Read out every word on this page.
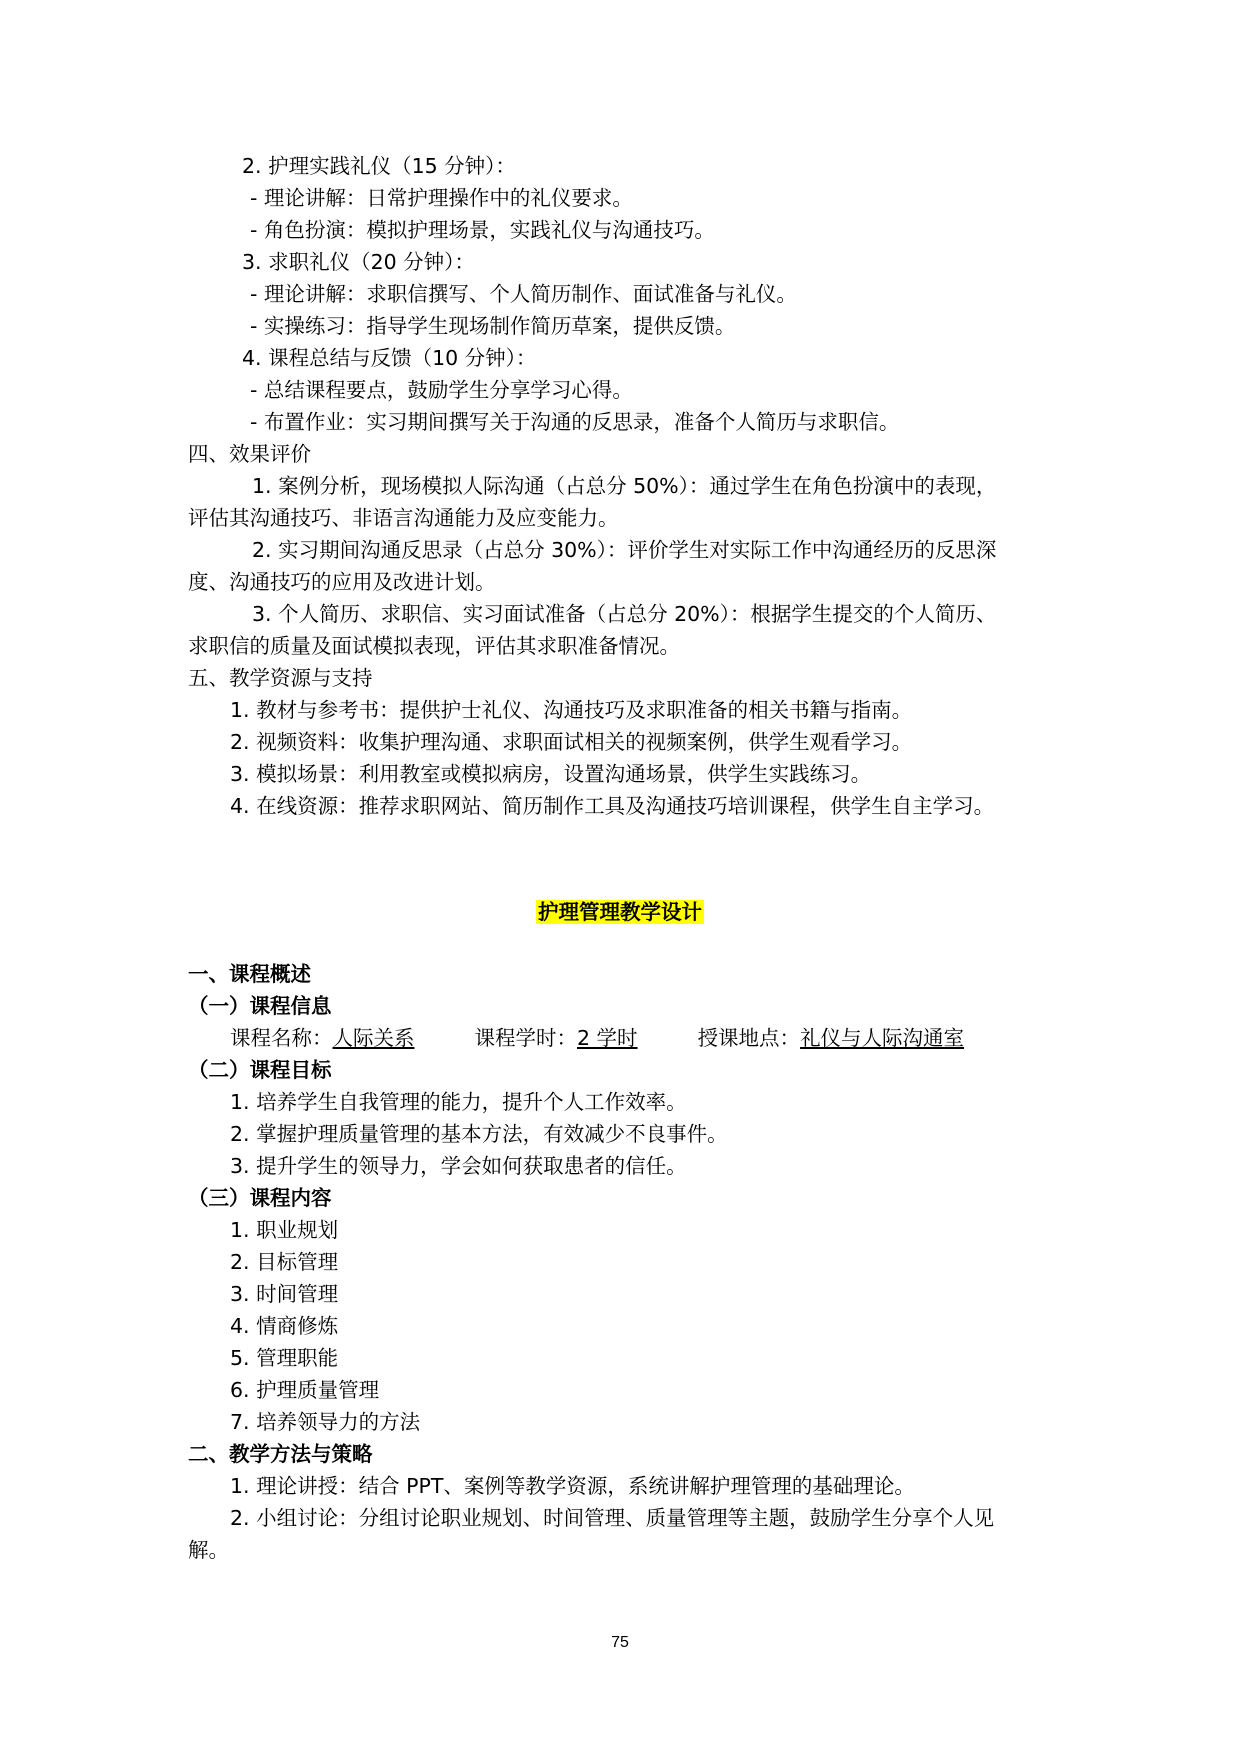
2. 护理实践礼仪（15 分钟）：
- 理论讲解：日常护理操作中的礼仪要求。
- 角色扮演：模拟护理场景，实践礼仪与沟通技巧。
3. 求职礼仪（20 分钟）：
- 理论讲解：求职信撰写、个人简历制作、面试准备与礼仪。
- 实操练习：指导学生现场制作简历草案，提供反馈。
4. 课程总结与反馈（10 分钟）：
- 总结课程要点，鼓励学生分享学习心得。
- 布置作业：实习期间撰写关于沟通的反思录，准备个人简历与求职信。
四、效果评价
1. 案例分析，现场模拟人际沟通（占总分 50%）：通过学生在角色扮演中的表现，
评估其沟通技巧、非语言沟通能力及应变能力。
2. 实习期间沟通反思录（占总分 30%）：评价学生对实际工作中沟通经历的反思深
度、沟通技巧的应用及改进计划。
3. 个人简历、求职信、实习面试准备（占总分 20%）：根据学生提交的个人简历、
求职信的质量及面试模拟表现，评估其求职准备情况。
五、教学资源与支持
1. 教材与参考书：提供护士礼仪、沟通技巧及求职准备的相关书籍与指南。
2. 视频资料：收集护理沟通、求职面试相关的视频案例，供学生观看学习。
3. 模拟场景：利用教室或模拟病房，设置沟通场景，供学生实践练习。
4. 在线资源：推荐求职网站、简历制作工具及沟通技巧培训课程，供学生自主学习。
护理管理教学设计
一、课程概述
（一）课程信息
课程名称：人际关系	课程学时：2 学时	授课地点：礼仪与人际沟通室
（二）课程目标
1. 培养学生自我管理的能力，提升个人工作效率。
2. 掌握护理质量管理的基本方法，有效减少不良事件。
3. 提升学生的领导力，学会如何获取患者的信任。
（三）课程内容
1. 职业规划
2. 目标管理
3. 时间管理
4. 情商修炼
5. 管理职能
6. 护理质量管理
7. 培养领导力的方法
二、教学方法与策略
1. 理论讲授：结合 PPT、案例等教学资源，系统讲解护理管理的基础理论。
2. 小组讨论：分组讨论职业规划、时间管理、质量管理等主题，鼓励学生分享个人见
解。
75
